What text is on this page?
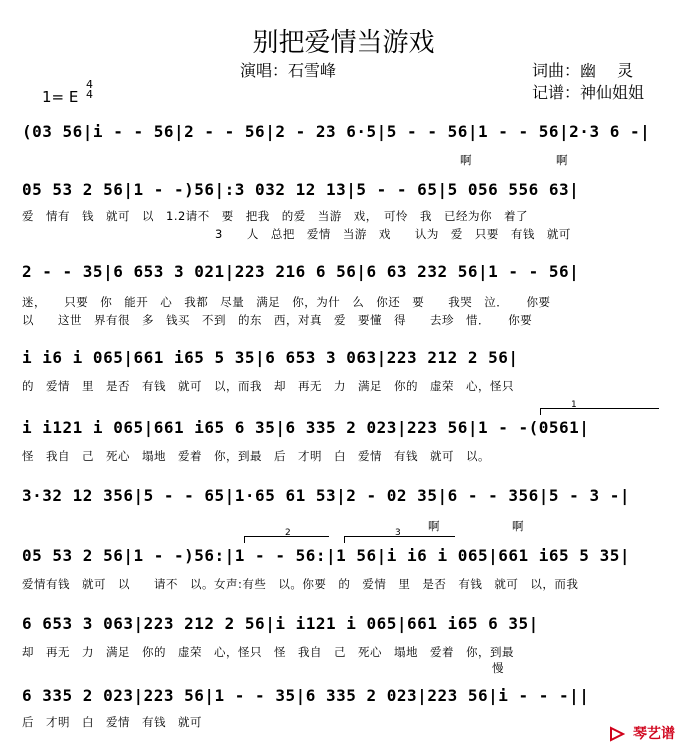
别把爱情当游戏
演唱：石雪峰	词曲：幽　 灵
记谱：神仙姐姐
1= E
4
4
(03 56|i - - 56|2 - - 56|2 - 23 6·5|5 - - 56|1 - - 56|2·3 6 -|
啊　　　　　　　啊
05 53 2 56|1 - -)56|:3 032 12 13|5 - - 65|5 056 556 63|
爱　情有　钱　就可　以　1.2请不　要　把我　的爱　当游　戏，　可怜　我　已经为你　着了
3　　人　总把　爱情　当游　戏　　认为　爱　只要　有钱　就可
2 - - 35|6 653 3 021|223 216 6 56|6 63 232 56|1 - - 56|
迷，　　只要　你　能开　心　我都　尽量　满足　你，为什　么　你还　要　　我哭　泣．　　你要
以　　这世　界有很　多　钱买　不到　的东　西，对真　爱　要懂　得　　去珍　惜．　　你要
i i6 i 065|661 i65 5 35|6 653 3 063|223 212 2 56|
的　爱情　里　是否　有钱　就可　以，而我　却　再无　力　满足　你的　虚荣　心，怪只
1
i i121 i 065|661 i65 6 35|6 335 2 023|223 56|1 - -(0561|
怪　我自　己　死心　塌地　爱着　你，到最　后　才明　白　爱情　有钱　就可　以。
3·32 12 356|5 - - 65|1·65 61 53|2 - 02 35|6 - - 356|5 - 3 -|
啊　　　　　　啊
2	3
05 53 2 56|1 - -)56:|1 - - 56:|1 56|i i6 i 065|661 i65 5 35|
爱情有钱　就可　以　　请不　以。女声:有些　以。你要　的　爱情　里　是否　有钱　就可　以，而我
6 653 3 063|223 212 2 56|i i121 i 065|661 i65 6 35|
却　再无　力　满足　你的　虚荣　心，怪只　怪　我自　己　死心　塌地　爱着　你，到最
慢
6 335 2 023|223 56|1 - - 35|6 335 2 023|223 56|i - - -||
后　才明　白　爱情　有钱　就可
琴艺谱
